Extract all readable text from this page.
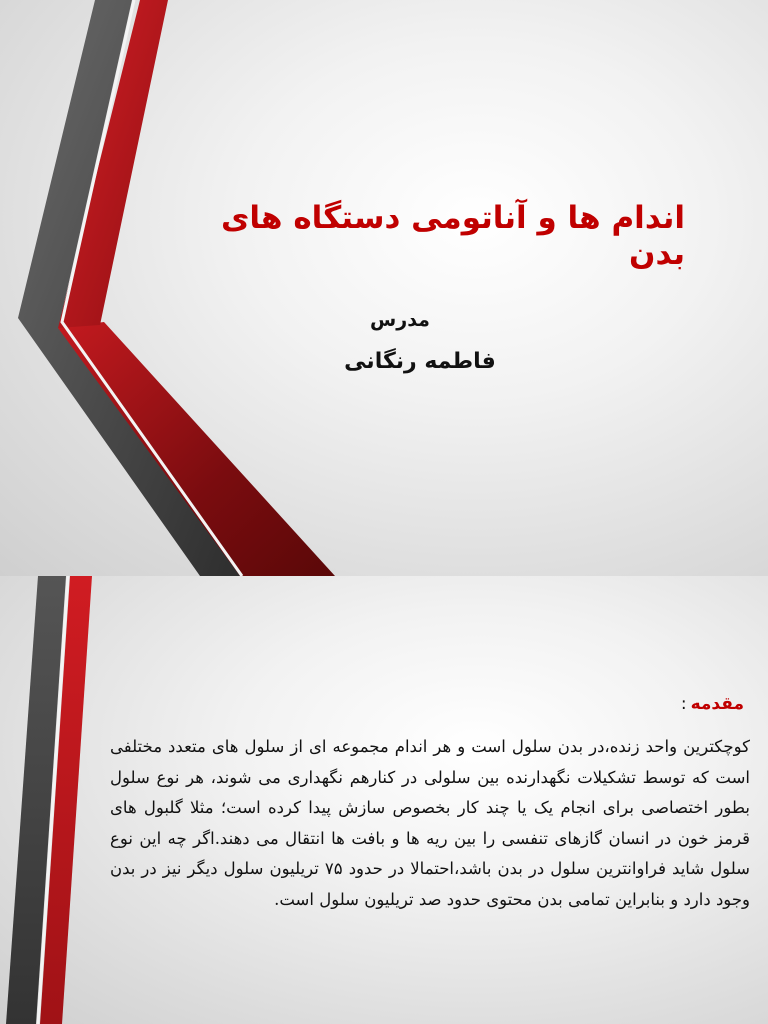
اندام ها و آناتومی دستگاه های بدن
مدرس
فاطمه رنگانی
مقدمه:

کوچکترین واحد زنده،در بدن سلول است و هر اندام مجموعه ای از سلول های متعدد مختلفی است که توسط تشکیلات نگهدارنده بین سلولی در کنارهم نگهداری می شوند، هر نوع سلول بطور اختصاصی برای انجام یک یا چند کار بخصوص سازش پیدا کرده است؛ مثلا گلبول های قرمز خون در انسان گازهای تنفسی را بین ریه ها و بافت ها انتقال می دهند.اگر چه این نوع سلول شاید فراوانترین سلول در بدن باشد،احتمالا در حدود ۷۵ تریلیون سلول دیگر نیز در بدن وجود دارد و بنابراین تمامی بدن محتوی حدود صد تریلیون سلول است.
